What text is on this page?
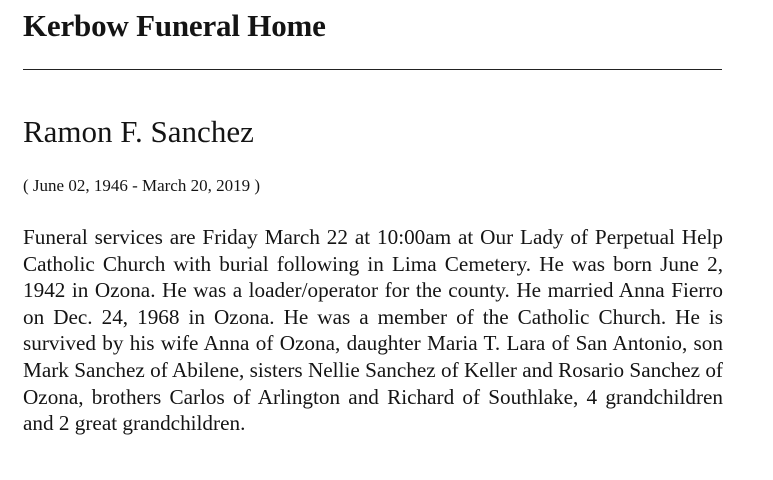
Kerbow Funeral Home
Ramon F. Sanchez
( June 02, 1946 - March 20, 2019 )

Funeral services are Friday March 22 at 10:00am at Our Lady of Perpetual Help Catholic Church with burial following in Lima Cemetery. He was born June 2, 1942 in Ozona. He was a loader/operator for the county. He married Anna Fierro on Dec. 24, 1968 in Ozona. He was a member of the Catholic Church. He is survived by his wife Anna of Ozona, daughter Maria T. Lara of San Antonio, son Mark Sanchez of Abilene, sisters Nellie Sanchez of Keller and Rosario Sanchez of Ozona, brothers Carlos of Arlington and Richard of Southlake, 4 grandchildren and 2 great grandchildren.
